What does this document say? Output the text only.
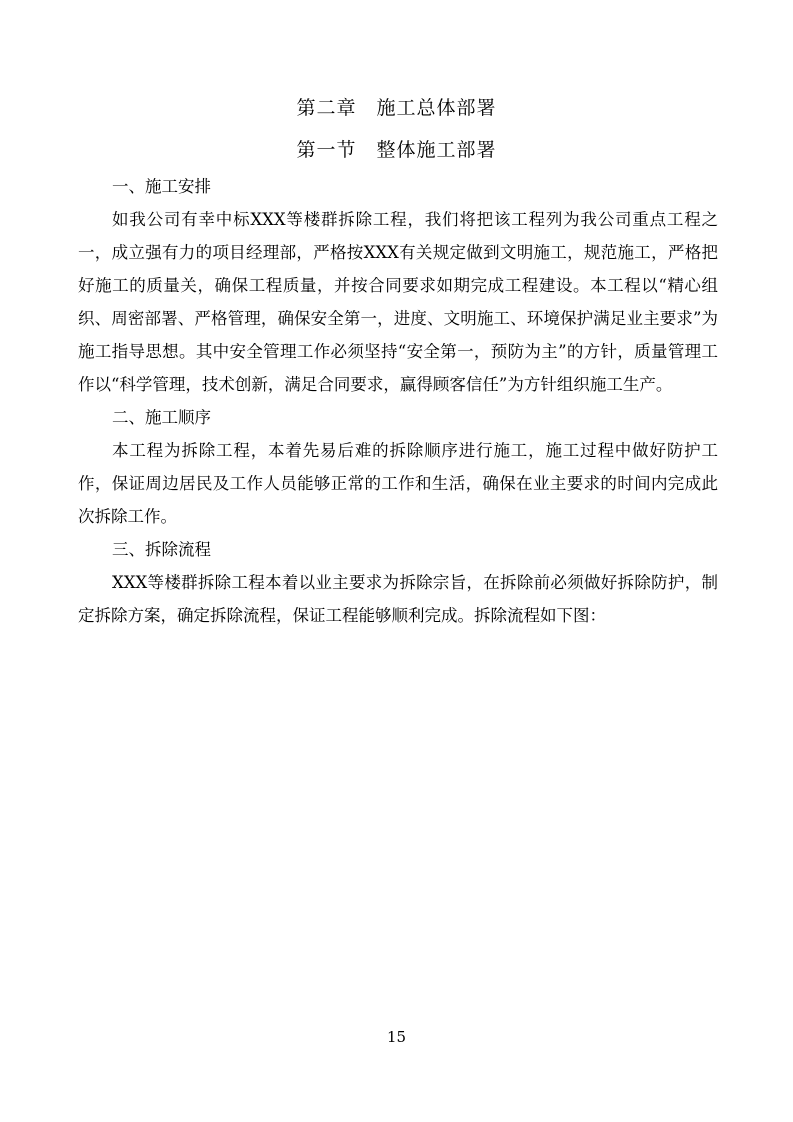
第二章　施工总体部署
第一节　整体施工部署
一、施工安排
如我公司有幸中标XXX等楼群拆除工程，我们将把该工程列为我公司重点工程之一，成立强有力的项目经理部，严格按XXX有关规定做到文明施工，规范施工，严格把好施工的质量关，确保工程质量，并按合同要求如期完成工程建设。本工程以“精心组织、周密部署、严格管理，确保安全第一，进度、文明施工、环境保护满足业主要求”为施工指导思想。其中安全管理工作必须坚持“安全第一，预防为主”的方针，质量管理工作以“科学管理，技术创新，满足合同要求，赢得顾客信任”为方针组织施工生产。
二、施工顺序
本工程为拆除工程，本着先易后难的拆除顺序进行施工，施工过程中做好防护工作，保证周边居民及工作人员能够正常的工作和生活，确保在业主要求的时间内完成此次拆除工作。
三、拆除流程
XXX等楼群拆除工程本着以业主要求为拆除宗旨，在拆除前必须做好拆除防护，制定拆除方案，确定拆除流程，保证工程能够顺利完成。拆除流程如下图：
15
